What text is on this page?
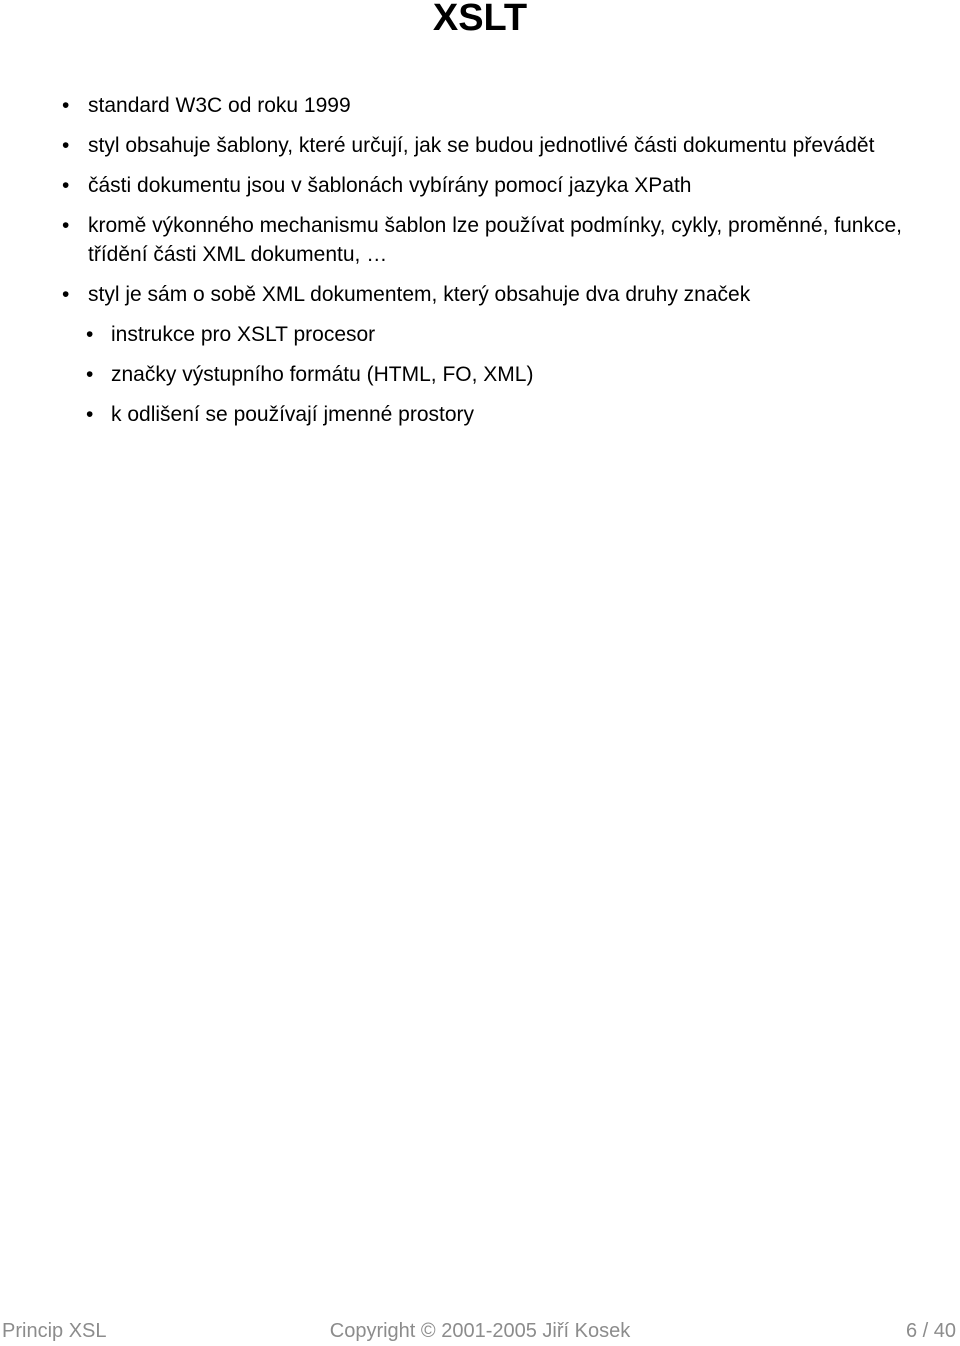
XSLT
• standard W3C od roku 1999
• styl obsahuje šablony, které určují, jak se budou jednotlivé části dokumentu převádět
• části dokumentu jsou v šablonách vybírány pomocí jazyka XPath
• kromě výkonného mechanismu šablon lze používat podmínky, cykly, proměnné, funkce, třídění části XML dokumentu, …
• styl je sám o sobě XML dokumentem, který obsahuje dva druhy značek
• instrukce pro XSLT procesor
• značky výstupního formátu (HTML, FO, XML)
• k odlišení se používají jmenné prostory
Princip XSL	Copyright © 2001-2005 Jiří Kosek	6 / 40
